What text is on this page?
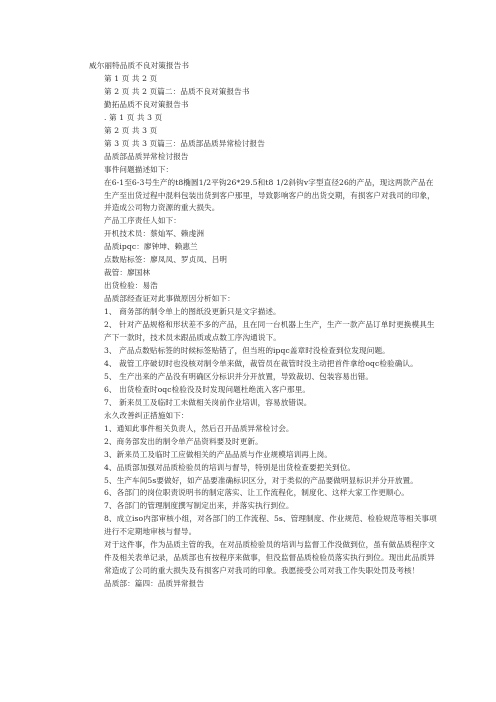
威尔丽特品质不良对策报告书
第 1 页 共 2 页
第 2 页 共 2 页篇二：品质不良对策报告书
勤拓品质不良对策报告书
. 第 1 页 共 3 页
第 2 页 共 3 页
第 3 页 共 3 页篇三：品质部品质异常检讨报告
品质部品质异常检讨报告
事件问题描述如下：
在6-1至6-3号生产的t8椭圆1/2平钩26*29.5和t8 1/2斜钩v字型直径26的产品，现这两款产品在生产至出货过程中混料包装出货到客户那里，导致影响客户的出货交期，有损客户对我司的印象，并造成公司物力资源的重大损失。
产品工序责任人如下：
开机技术员：蔡灿军、赖虔洲
品质ipqc：廖钟坤、赖惠兰
点数贴标签：廖凤凤、罗贞凤、吕明
裁管：廖国林
出货检验：易浩
品质部经查证对此事做原因分析如下：
1、 商务部的制令单上的图纸没更新只是文字描述。
2、 针对产品规格和形状差不多的产品，且在同一台机器上生产，生产一款产品订单时更换模具生产下一款时，技术员未跟品质或点数工序沟通说下。
3、 产品点数贴标签的时候标签贴错了，但当班的ipqc盖章时没检查到位发现问题。
4、 裁管工序破切时也没核对制令单来做，裁管员在裁管时没主动把首件拿给oqc检验确认。
5、 生产出来的产品没有明确区分标识并分开放置，导致裁切、包装容易出错。
6、 出货检查时oqc检验没及时发现问题杜绝流入客户那里。
7、 新来员工及临时工未做相关岗前作业培训，容易放错误。
永久改善纠正措施如下：
1、通知此事件相关负责人，然后召开品质异常检讨会。
2、商务部发出的制令单产品资料要及时更新。
3、新来员工及临时工应做相关的产品品质与作业规模培训再上岗。
4、品质部加强对品质检验员的培训与督导，特别是出货检查要把关到位。
5、生产车间5s要做好，如产品要准确标识区分，对于类似的产品要做明显标识并分开放置。
6、各部门的岗位职责说明书的制定落实、让工作流程化，制度化、这样大家工作更顺心。
7、各部门的管理制度撰写制定出来，并落实执行到位。
8、成立iso内部审核小组，对各部门的工作流程、5s、管理制度、作业规范、检验规范等相关事项进行不定期地审核与督导。
对于这件事，作为品质主管的我，在对品质检验员的培训与监督工作没做到位，虽有做品质程序文件及相关表单记录，品质部也有按程序来做事，但没监督品质检验员落实执行到位。现出此品质异常造成了公司的重大损失及有损客户对我司的印象。我愿接受公司对我工作失职处罚及考核！
品质部：篇四：品质异常报告
